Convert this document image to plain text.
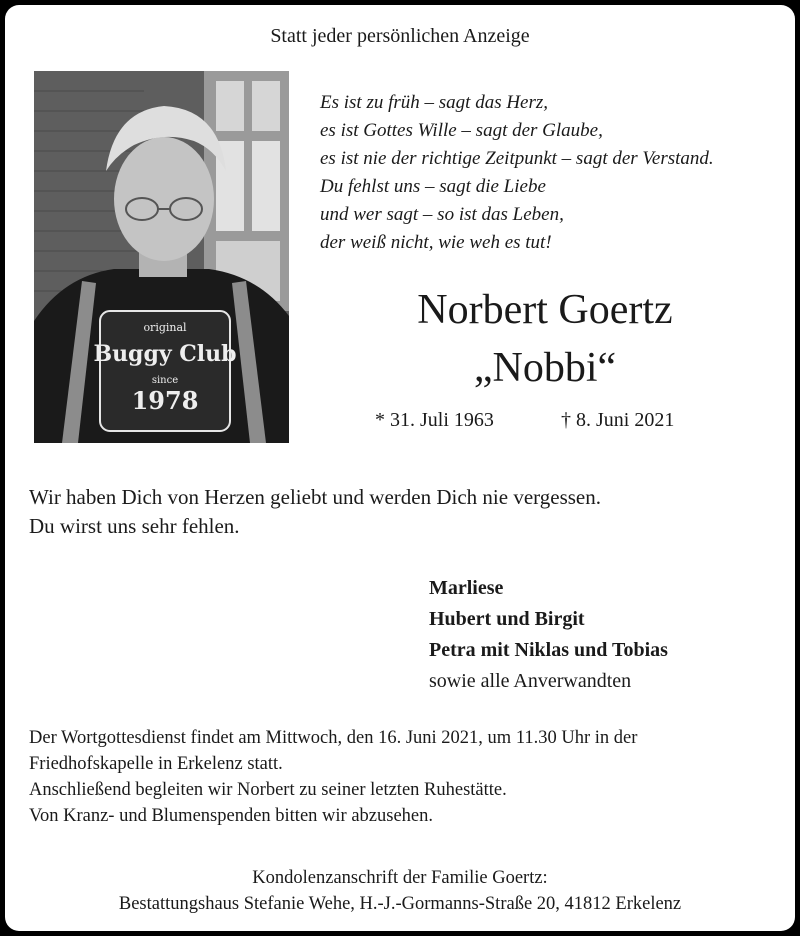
Statt jeder persönlichen Anzeige
original
Buggy Club
since
1978
Es ist zu früh – sagt das Herz,
es ist Gottes Wille – sagt der Glaube,
es ist nie der richtige Zeitpunkt – sagt der Verstand.
Du fehlst uns – sagt die Liebe
und wer sagt – so ist das Leben,
der weiß nicht, wie weh es tut!
Norbert Goertz
„Nobbi“
* 31. Juli 1963	† 8. Juni 2021
Wir haben Dich von Herzen geliebt und werden Dich nie vergessen.
Du wirst uns sehr fehlen.
Marliese
Hubert und Birgit
Petra mit Niklas und Tobias
sowie alle Anverwandten
Der Wortgottesdienst findet am Mittwoch, den 16. Juni 2021, um 11.30 Uhr in der
Friedhofskapelle in Erkelenz statt.
Anschließend begleiten wir Norbert zu seiner letzten Ruhestätte.
Von Kranz- und Blumenspenden bitten wir abzusehen.
Kondolenzanschrift der Familie Goertz:
Bestattungshaus Stefanie Wehe, H.-J.-Gormanns-Straße 20, 41812 Erkelenz
